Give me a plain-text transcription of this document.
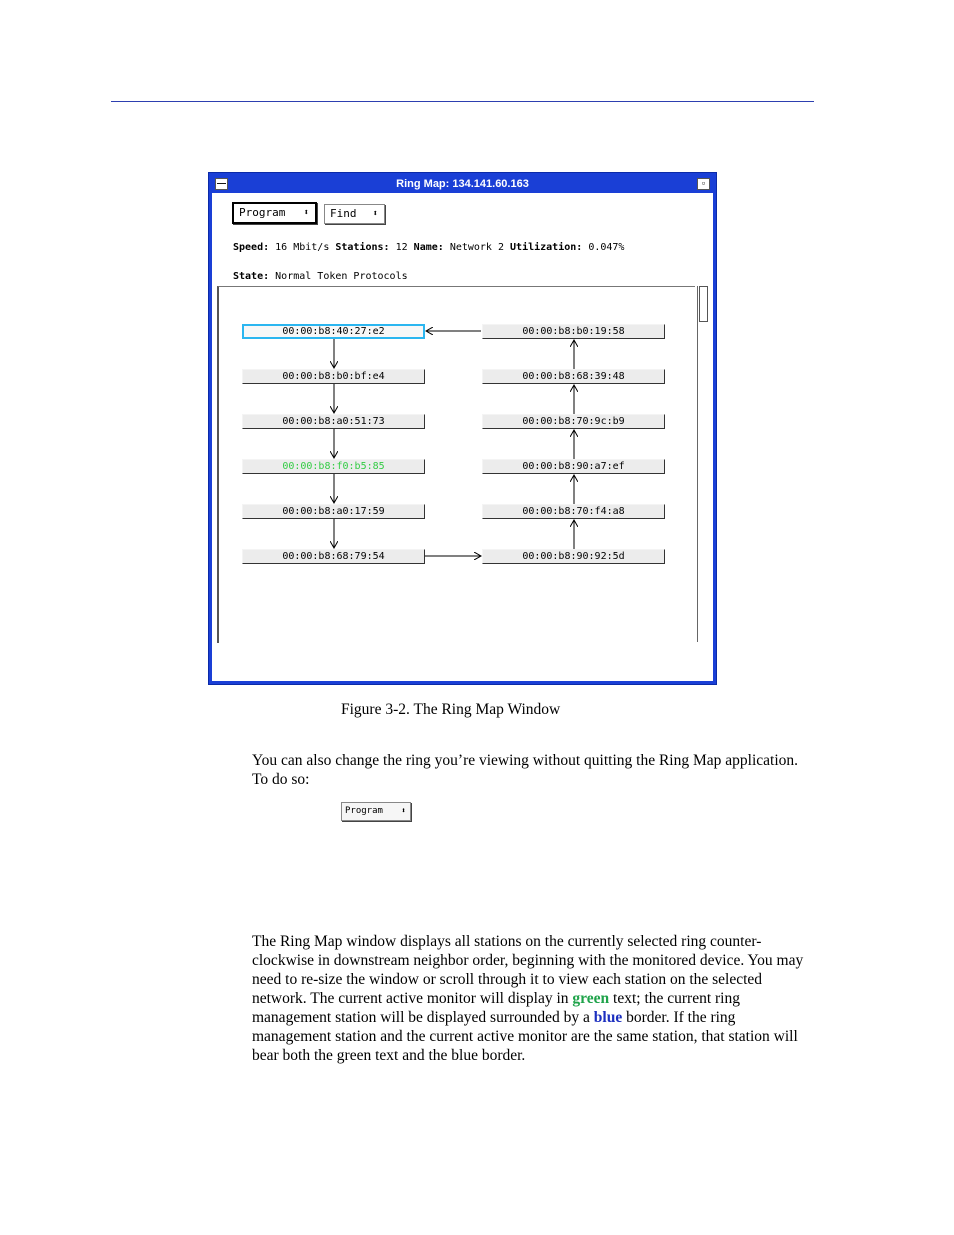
—	Ring Map: 134.141.60.163	▫
Program ⬍	Find ⬍
Speed: 16 Mbit/s Stations: 12 Name: Network 2 Utilization: 0.047%
State: Normal Token Protocols
00:00:b8:40:27:e2
00:00:b8:b0:bf:e4
00:00:b8:a0:51:73
00:00:b8:f0:b5:85
00:00:b8:a0:17:59
00:00:b8:68:79:54
00:00:b8:b0:19:58
00:00:b8:68:39:48
00:00:b8:70:9c:b9
00:00:b8:90:a7:ef
00:00:b8:70:f4:a8
00:00:b8:90:92:5d
Figure 3-2. The Ring Map Window
You can also change the ring you’re viewing without quitting the Ring Map application. To do so:
Program ⬍
The Ring Map window displays all stations on the currently selected ring counter-clockwise in downstream neighbor order, beginning with the monitored device. You may need to re-size the window or scroll through it to view each station on the selected network. The current active monitor will display in green text; the current ring management station will be displayed surrounded by a blue border. If the ring management station and the current active monitor are the same station, that station will bear both the green text and the blue border.
